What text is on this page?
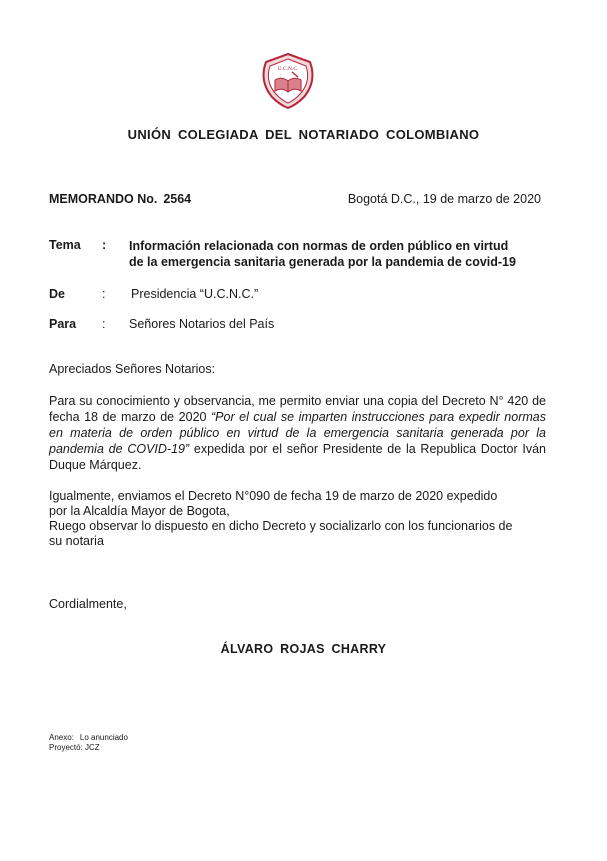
U.C.N.C.
UNIÓN COLEGIADA DEL NOTARIADO COLOMBIANO
MEMORANDO No. 2564	Bogotá D.C., 19 de marzo de 2020
Tema : Información relacionada con normas de orden público en virtud
de la emergencia sanitaria generada por la pandemia de covid-19
De	: Presidencia “U.C.N.C.”
Para : Señores Notarios del País
Apreciados Señores Notarios:
Para su conocimiento y observancia, me permito enviar una copia del Decreto N° 420 de fecha 18 de marzo de 2020 “Por el cual se imparten instrucciones para expedir normas en materia de orden público en virtud de la emergencia sanitaria generada por la pandemia de COVID-19” expedida por el señor Presidente de la Republica Doctor Iván Duque Márquez.
Igualmente, enviamos el Decreto N°090 de fecha 19 de marzo de 2020 expedido
por la Alcaldía Mayor de Bogota,
Ruego observar lo dispuesto en dicho Decreto y socializarlo con los funcionarios de
su notaria
Cordialmente,
ÁLVARO ROJAS CHARRY
Anexo: Lo anunciado
Proyectó: JCZ
